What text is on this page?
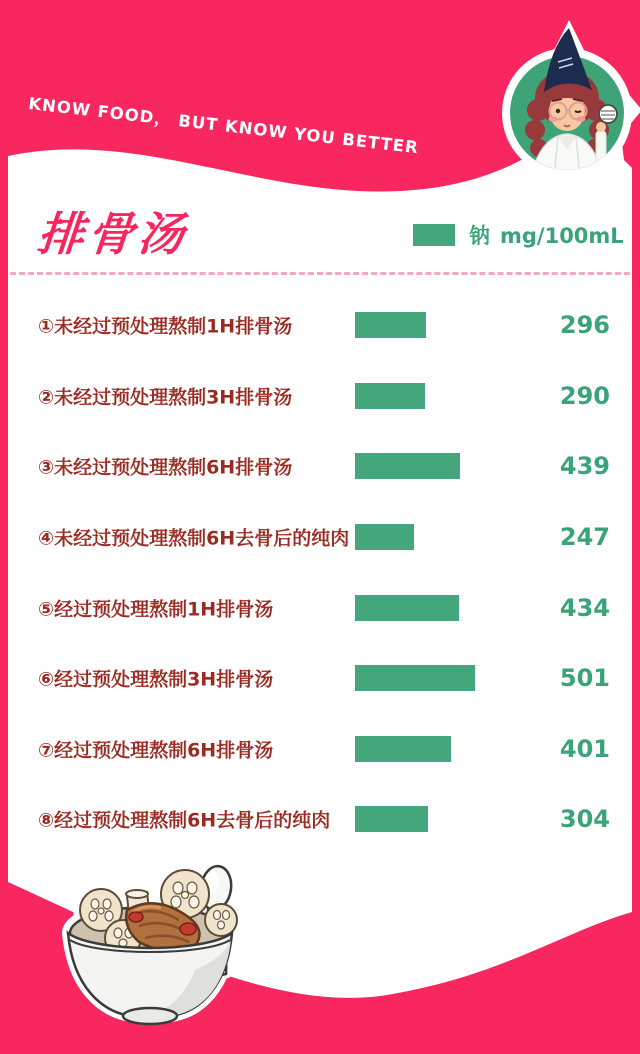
KNOW FOOD， BUT KNOW YOU BETTER
排骨汤	钠 mg/100mL
①未经过预处理熬制1H排骨汤	296
②未经过预处理熬制3H排骨汤	290
③未经过预处理熬制6H排骨汤	439
④未经过预处理熬制6H去骨后的纯肉	247
⑤经过预处理熬制1H排骨汤	434
⑥经过预处理熬制3H排骨汤	501
⑦经过预处理熬制6H排骨汤	401
⑧经过预处理熬制6H去骨后的纯肉	304
